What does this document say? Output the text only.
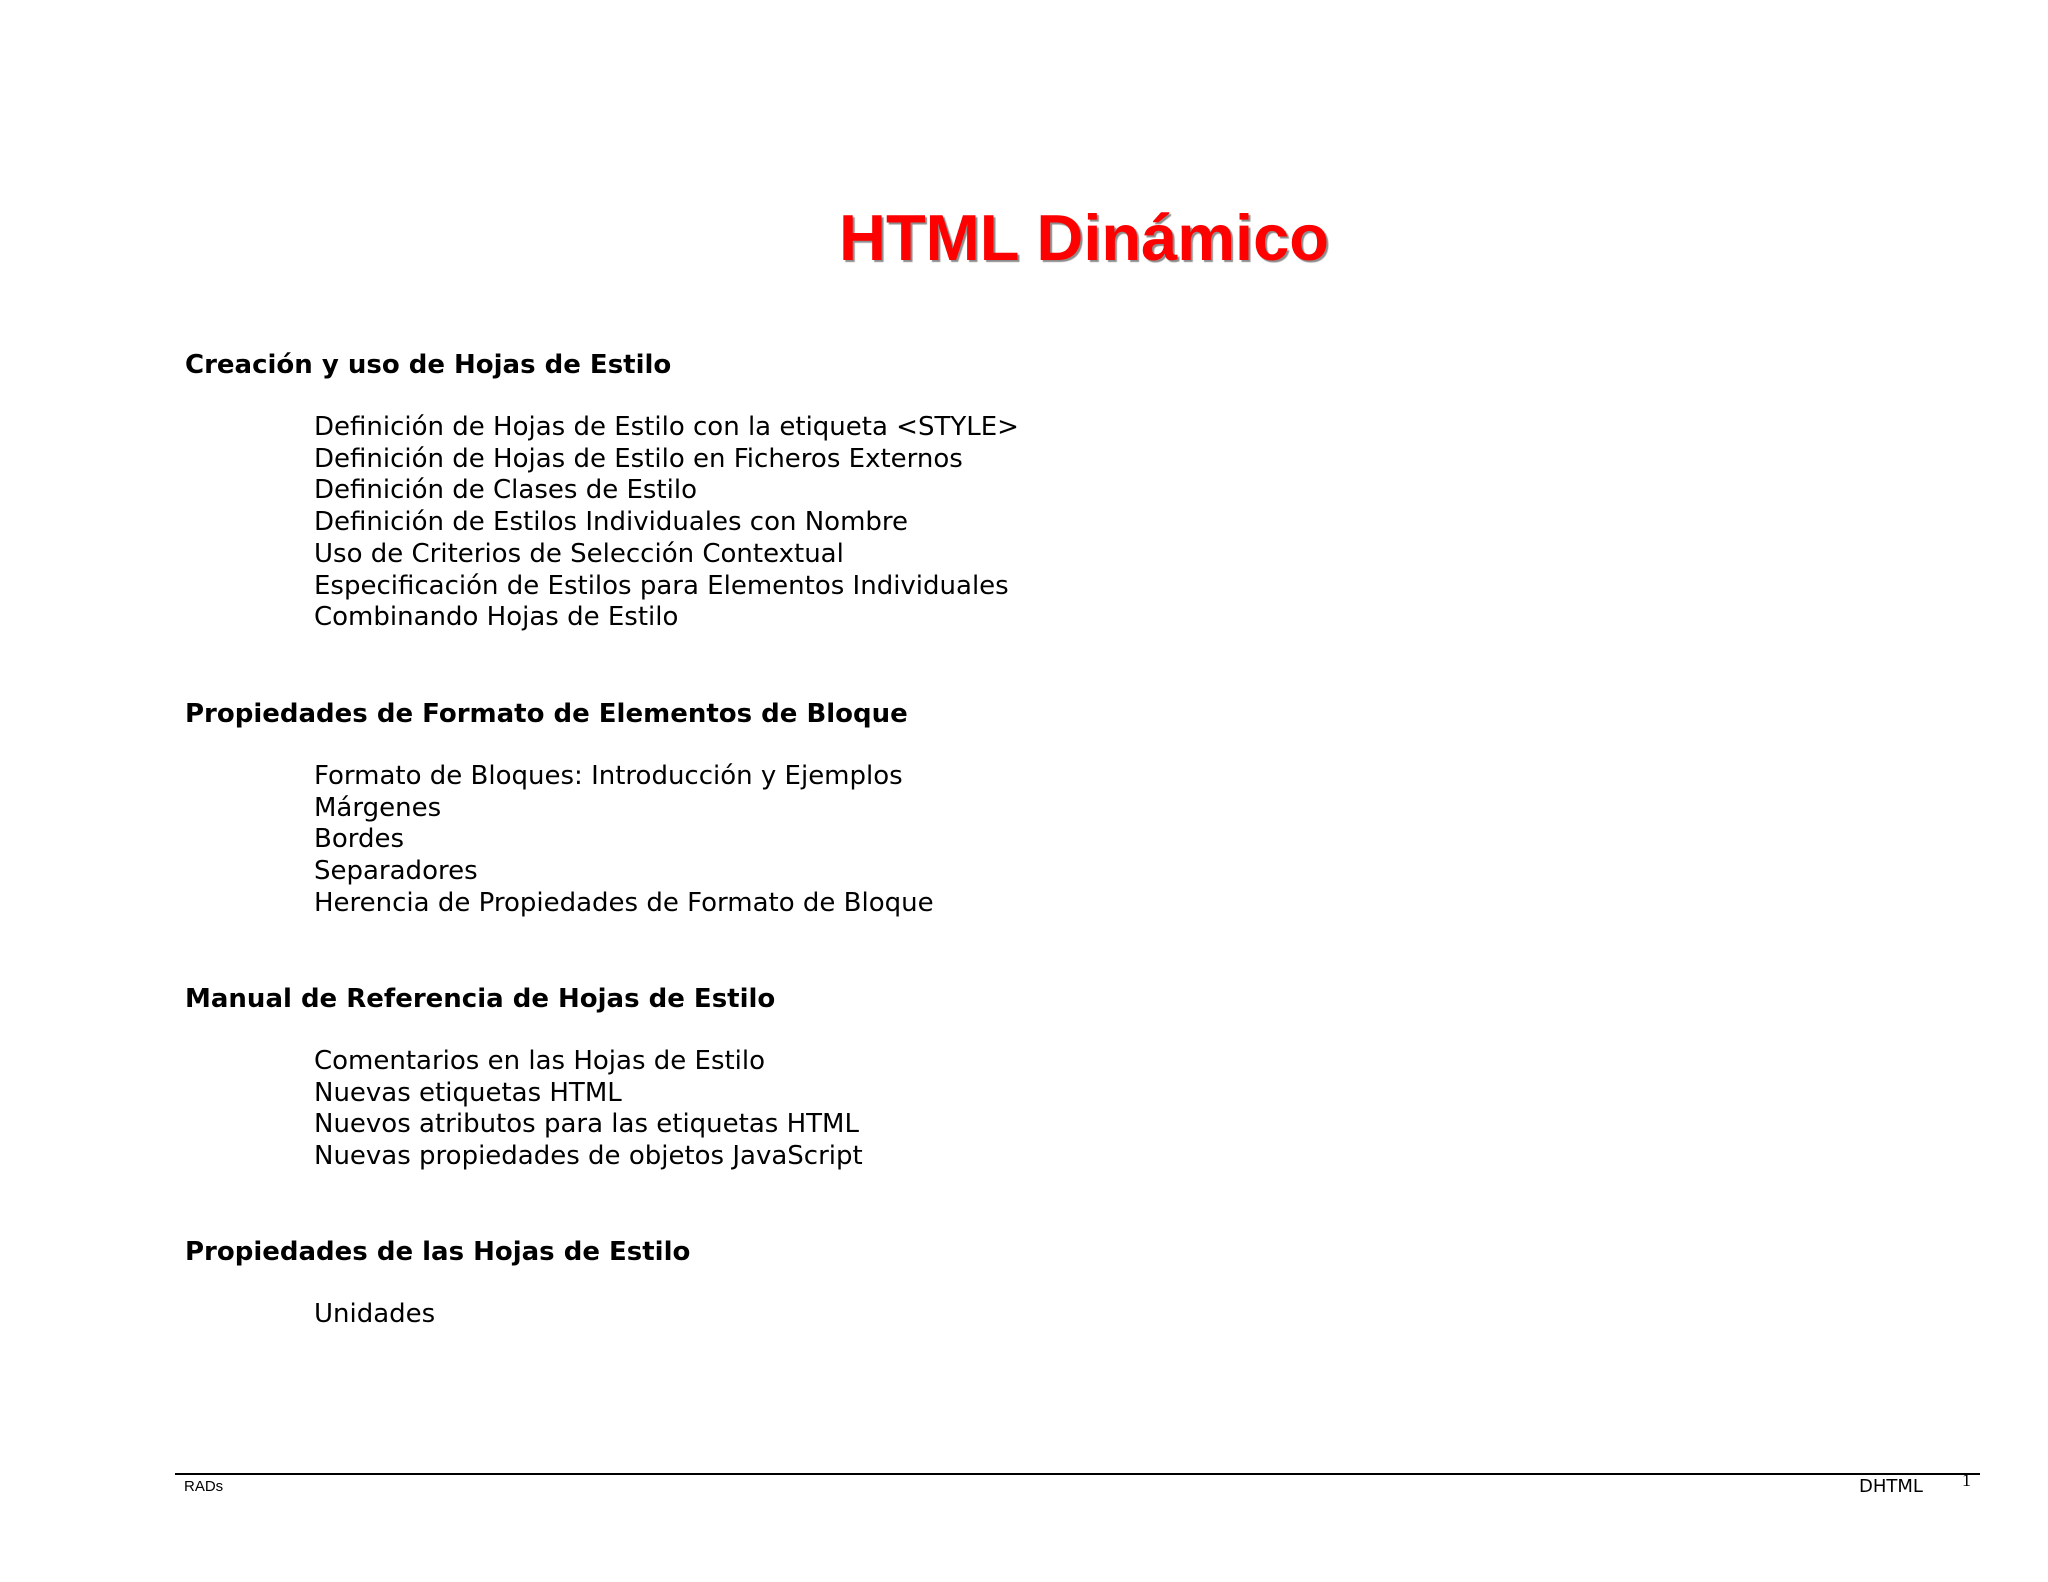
HTML Dinámico
Creación y uso de Hojas de Estilo
Definición de Hojas de Estilo con la etiqueta <STYLE>
Definición de Hojas de Estilo en Ficheros Externos
Definición de Clases de Estilo
Definición de Estilos Individuales con Nombre
Uso de Criterios de Selección Contextual
Especificación de Estilos para Elementos Individuales
Combinando Hojas de Estilo
Propiedades de Formato de Elementos de Bloque
Formato de Bloques: Introducción y Ejemplos
Márgenes
Bordes
Separadores
Herencia de Propiedades de Formato de Bloque
Manual de Referencia de Hojas de Estilo
Comentarios en las Hojas de Estilo
Nuevas etiquetas HTML
Nuevos atributos para las etiquetas HTML
Nuevas propiedades de objetos JavaScript
Propiedades de las Hojas de Estilo
Unidades

RADs	DHTML 1
